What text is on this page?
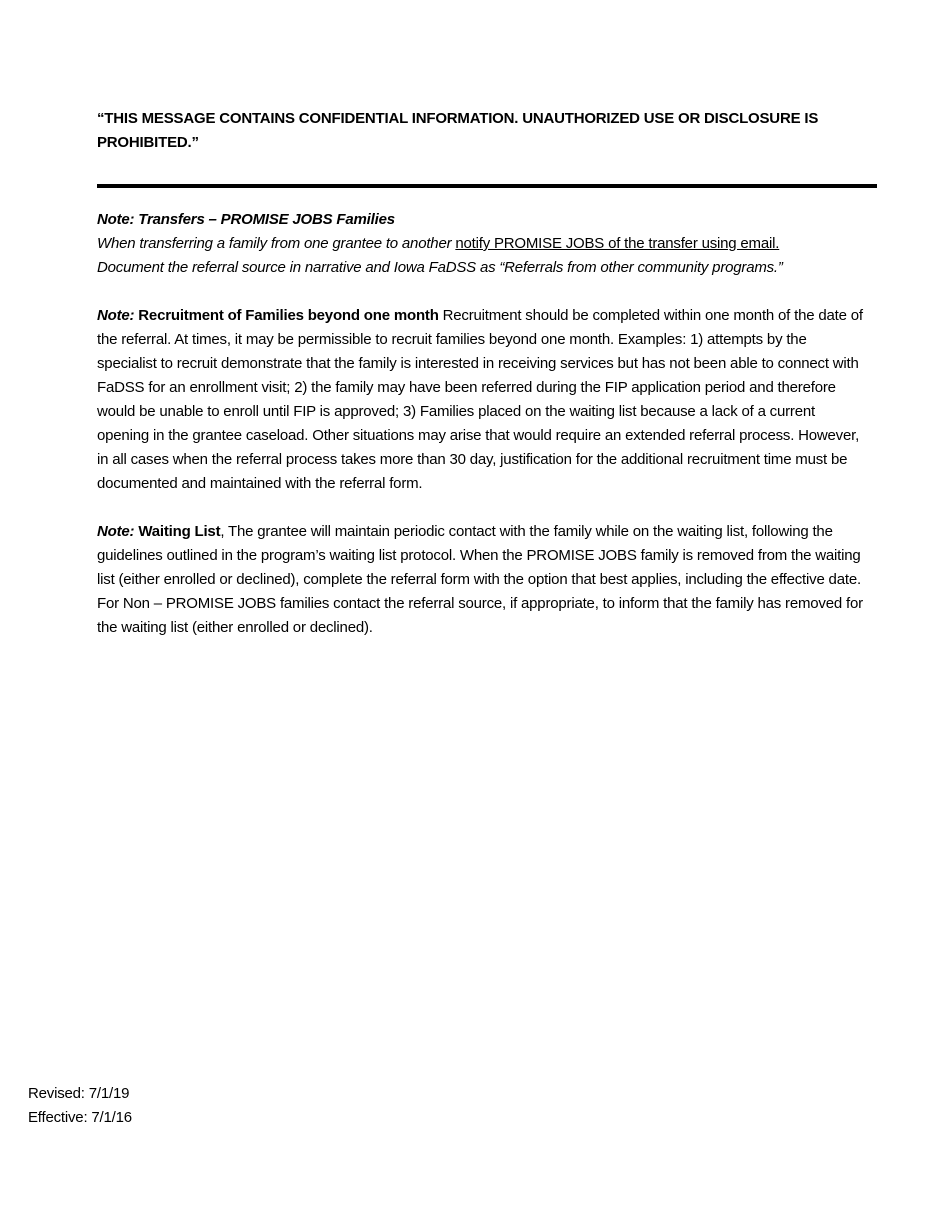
“THIS MESSAGE CONTAINS CONFIDENTIAL INFORMATION. UNAUTHORIZED USE OR DISCLOSURE IS PROHIBITED.”

Note: Transfers – PROMISE JOBS Families
When transferring a family from one grantee to another notify PROMISE JOBS of the transfer using email.
Document the referral source in narrative and Iowa FaDSS as “Referrals from other community programs.”

Note: Recruitment of Families beyond one month Recruitment should be completed within one month of the date of the referral. At times, it may be permissible to recruit families beyond one month. Examples: 1) attempts by the specialist to recruit demonstrate that the family is interested in receiving services but has not been able to connect with FaDSS for an enrollment visit; 2) the family may have been referred during the FIP application period and therefore would be unable to enroll until FIP is approved; 3) Families placed on the waiting list because a lack of a current opening in the grantee caseload. Other situations may arise that would require an extended referral process. However, in all cases when the referral process takes more than 30 day, justification for the additional recruitment time must be documented and maintained with the referral form.

Note: Waiting List, The grantee will maintain periodic contact with the family while on the waiting list, following the guidelines outlined in the program’s waiting list protocol. When the PROMISE JOBS family is removed from the waiting list (either enrolled or declined), complete the referral form with the option that best applies, including the effective date. For Non – PROMISE JOBS families contact the referral source, if appropriate, to inform that the family has removed for the waiting list (either enrolled or declined).

Revised: 7/1/19
Effective: 7/1/16
